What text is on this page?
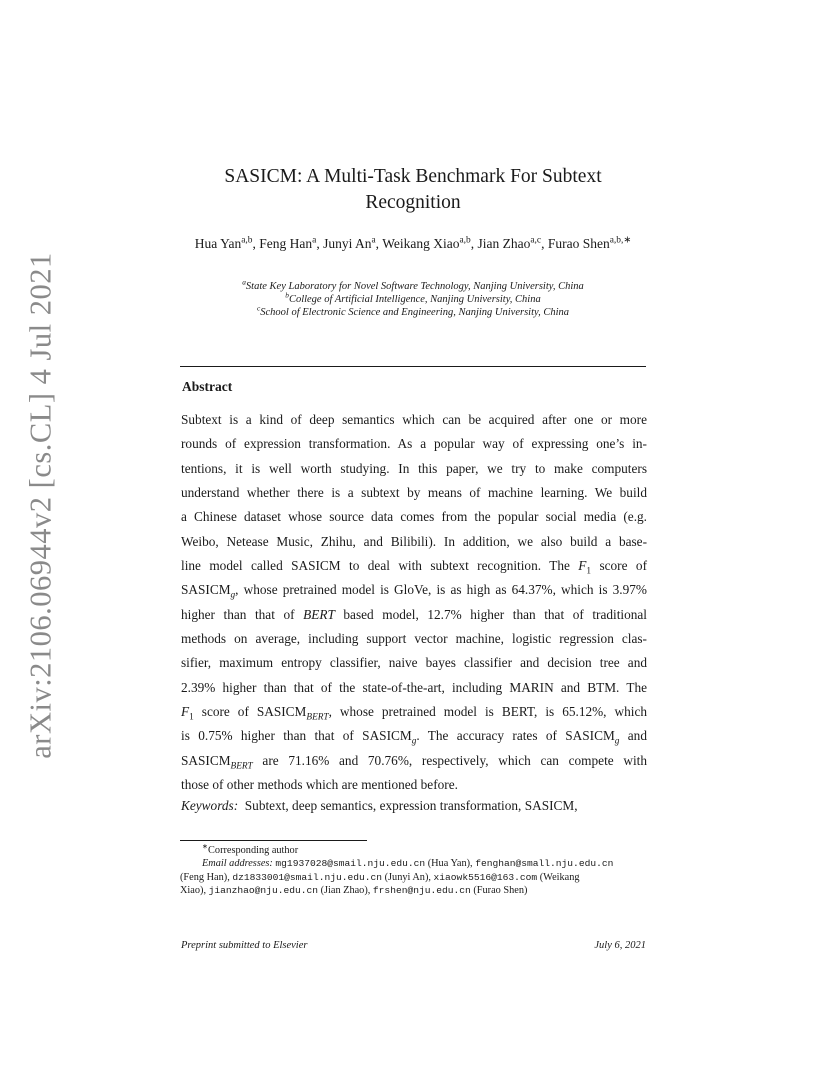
arXiv:2106.06944v2 [cs.CL] 4 Jul 2021
SASICM: A Multi-Task Benchmark For Subtext
Recognition
Hua Yan$^{a,b}$, Feng Han$^a$, Junyi An$^a$, Weikang Xiao$^{a,b}$, Jian Zhao$^{a,c}$, Furao Shen$^{a,b,∗}$
$^a$State Key Laboratory for Novel Software Technology, Nanjing University, China
$^b$College of Artificial Intelligence, Nanjing University, China
$^c$School of Electronic Science and Engineering, Nanjing University, China
Abstract
Subtext is a kind of deep semantics which can be acquired after one or more
rounds of expression transformation. As a popular way of expressing one’s in-
tentions, it is well worth studying. In this paper, we try to make computers
understand whether there is a subtext by means of machine learning. We build
a Chinese dataset whose source data comes from the popular social media (e.g.
Weibo, Netease Music, Zhihu, and Bilibili). In addition, we also build a base-
line model called SASICM to deal with subtext recognition. The $F_1$ score of
$SASICM_g$, whose pretrained model is GloVe, is as high as 64.37%, which is 3.97%
higher than that of BERT based model, 12.7% higher than that of traditional
methods on average, including support vector machine, logistic regression clas-
sifier, maximum entropy classifier, naive bayes classifier and decision tree and
2.39% higher than that of the state-of-the-art, including MARIN and BTM. The
$F_1$ score of $SASICM_{BERT}$, whose pretrained model is BERT, is 65.12%, which
is 0.75% higher than that of $SASICM_g$. The accuracy rates of $SASICM_g$ and
$SASICM_{BERT}$ are 71.16% and 70.76%, respectively, which can compete with
those of other methods which are mentioned before.
Keywords: Subtext, deep semantics, expression transformation, SASICM,
∗Corresponding author
Email addresses: mg1937028@smail.nju.edu.cn (Hua Yan), fenghan@small.nju.edu.cn
(Feng Han), dz1833001@smail.nju.edu.cn (Junyi An), xiaowk5516@163.com (Weikang
Xiao), jianzhao@nju.edu.cn (Jian Zhao), frshen@nju.edu.cn (Furao Shen)
Preprint submitted to Elsevier	July 6, 2021
